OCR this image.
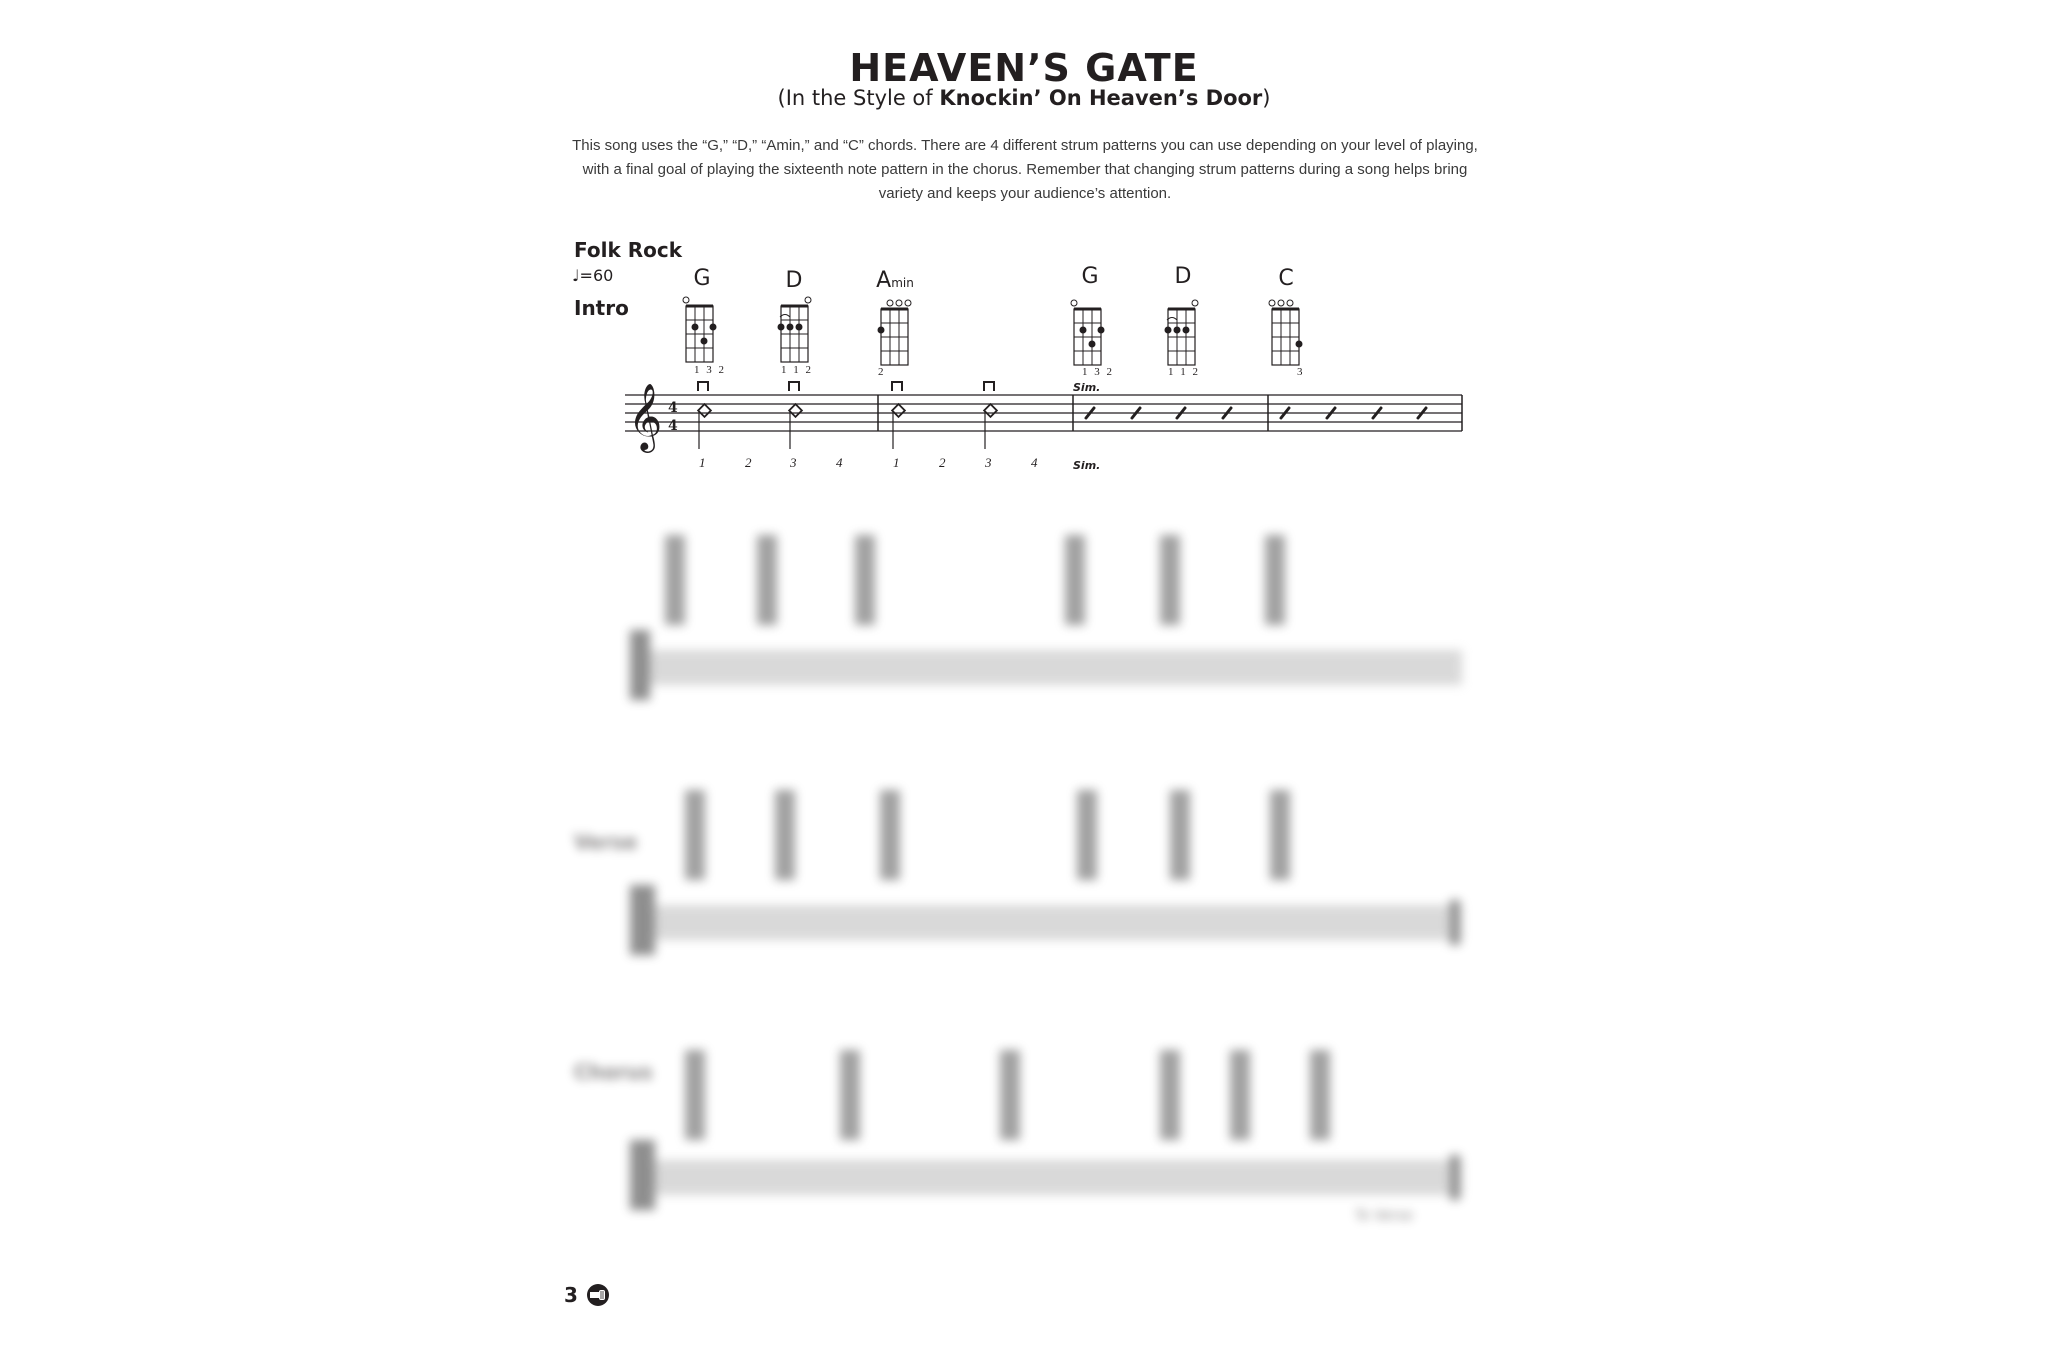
HEAVEN’S GATE
(In the Style of Knockin’ On Heaven’s Door)
This song uses the “G,” “D,” “Amin,” and “C” chords. There are 4 different strum patterns you can use depending on your level of playing, with a final goal of playing the sixteenth note pattern in the chorus. Remember that changing strum patterns during a song helps bring variety and keeps your audience’s attention.
Folk Rock
♩=60
Intro
G	D	Amin	G	D	C
𝄞 4
4
1 3 2	1 1 2	2	1 3 2	1 1 2	3
Sim.
Sim.
1	2	3	4	1	2	3	4
Verse
Chorus
To Verse
3
